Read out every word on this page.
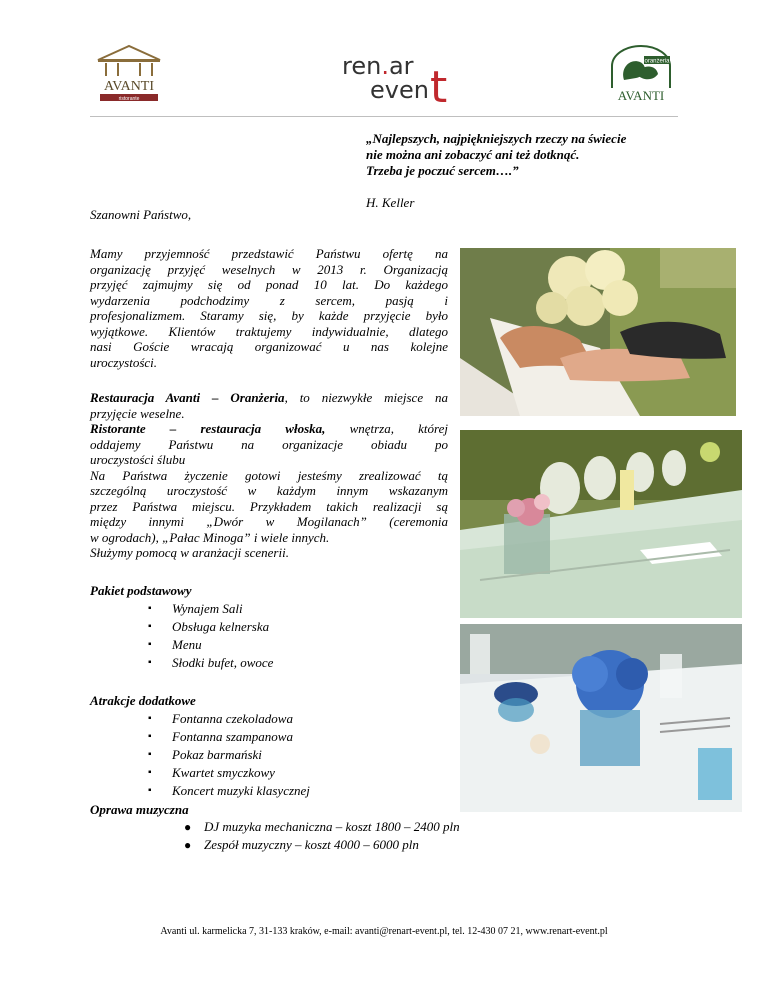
AVANTI
ristorante
ren.ar
even t
oranżeria
AVANTI
„Najlepszych, najpiękniejszych rzeczy na świecie
nie można ani zobaczyć ani też dotknąć.
Trzeba je poczuć sercem….”
H. Keller
Szanowni Państwo,
Mamy przyjemność przedstawić Państwu ofertę na
organizację przyjęć weselnych w 2013 r. Organizacją
przyjęć zajmujmy się od ponad 10 lat. Do każdego
wydarzenia podchodzimy z sercem, pasją i
profesjonalizmem. Staramy się, by każde przyjęcie było
wyjątkowe. Klientów traktujemy indywidualnie, dlatego
nasi Goście wracają organizować u nas kolejne
uroczystości.
Restauracja Avanti – Oranżeria, to niezwykłe miejsce na
przyjęcie weselne.
Ristorante – restauracja włoska, wnętrza, której
oddajemy Państwu na organizacje obiadu po
uroczystości ślubu
Na Państwa życzenie gotowi jesteśmy zrealizować tą
szczególną uroczystość w każdym innym wskazanym
przez Państwa miejscu. Przykładem takich realizacji są
między innymi „Dwór w Mogilanach” (ceremonia
w ogrodach), „Pałac Minoga” i wiele innych.
Służymy pomocą w aranżacji scenerii.
Pakiet podstawowy
▪	Wynajem Sali
▪	Obsługa kelnerska
▪	Menu
▪	Słodki bufet, owoce
Atrakcje dodatkowe
▪	Fontanna czekoladowa
▪	Fontanna szampanowa
▪	Pokaz barmański
▪	Kwartet smyczkowy
▪	Koncert muzyki klasycznej
Oprawa muzyczna
● DJ muzyka mechaniczna – koszt 1800 – 2400 pln
● Zespół muzyczny – koszt 4000 – 6000 pln
Avanti ul. karmelicka 7, 31-133 kraków, e-mail: avanti@renart-event.pl, tel. 12-430 07 21, www.renart-event.pl
